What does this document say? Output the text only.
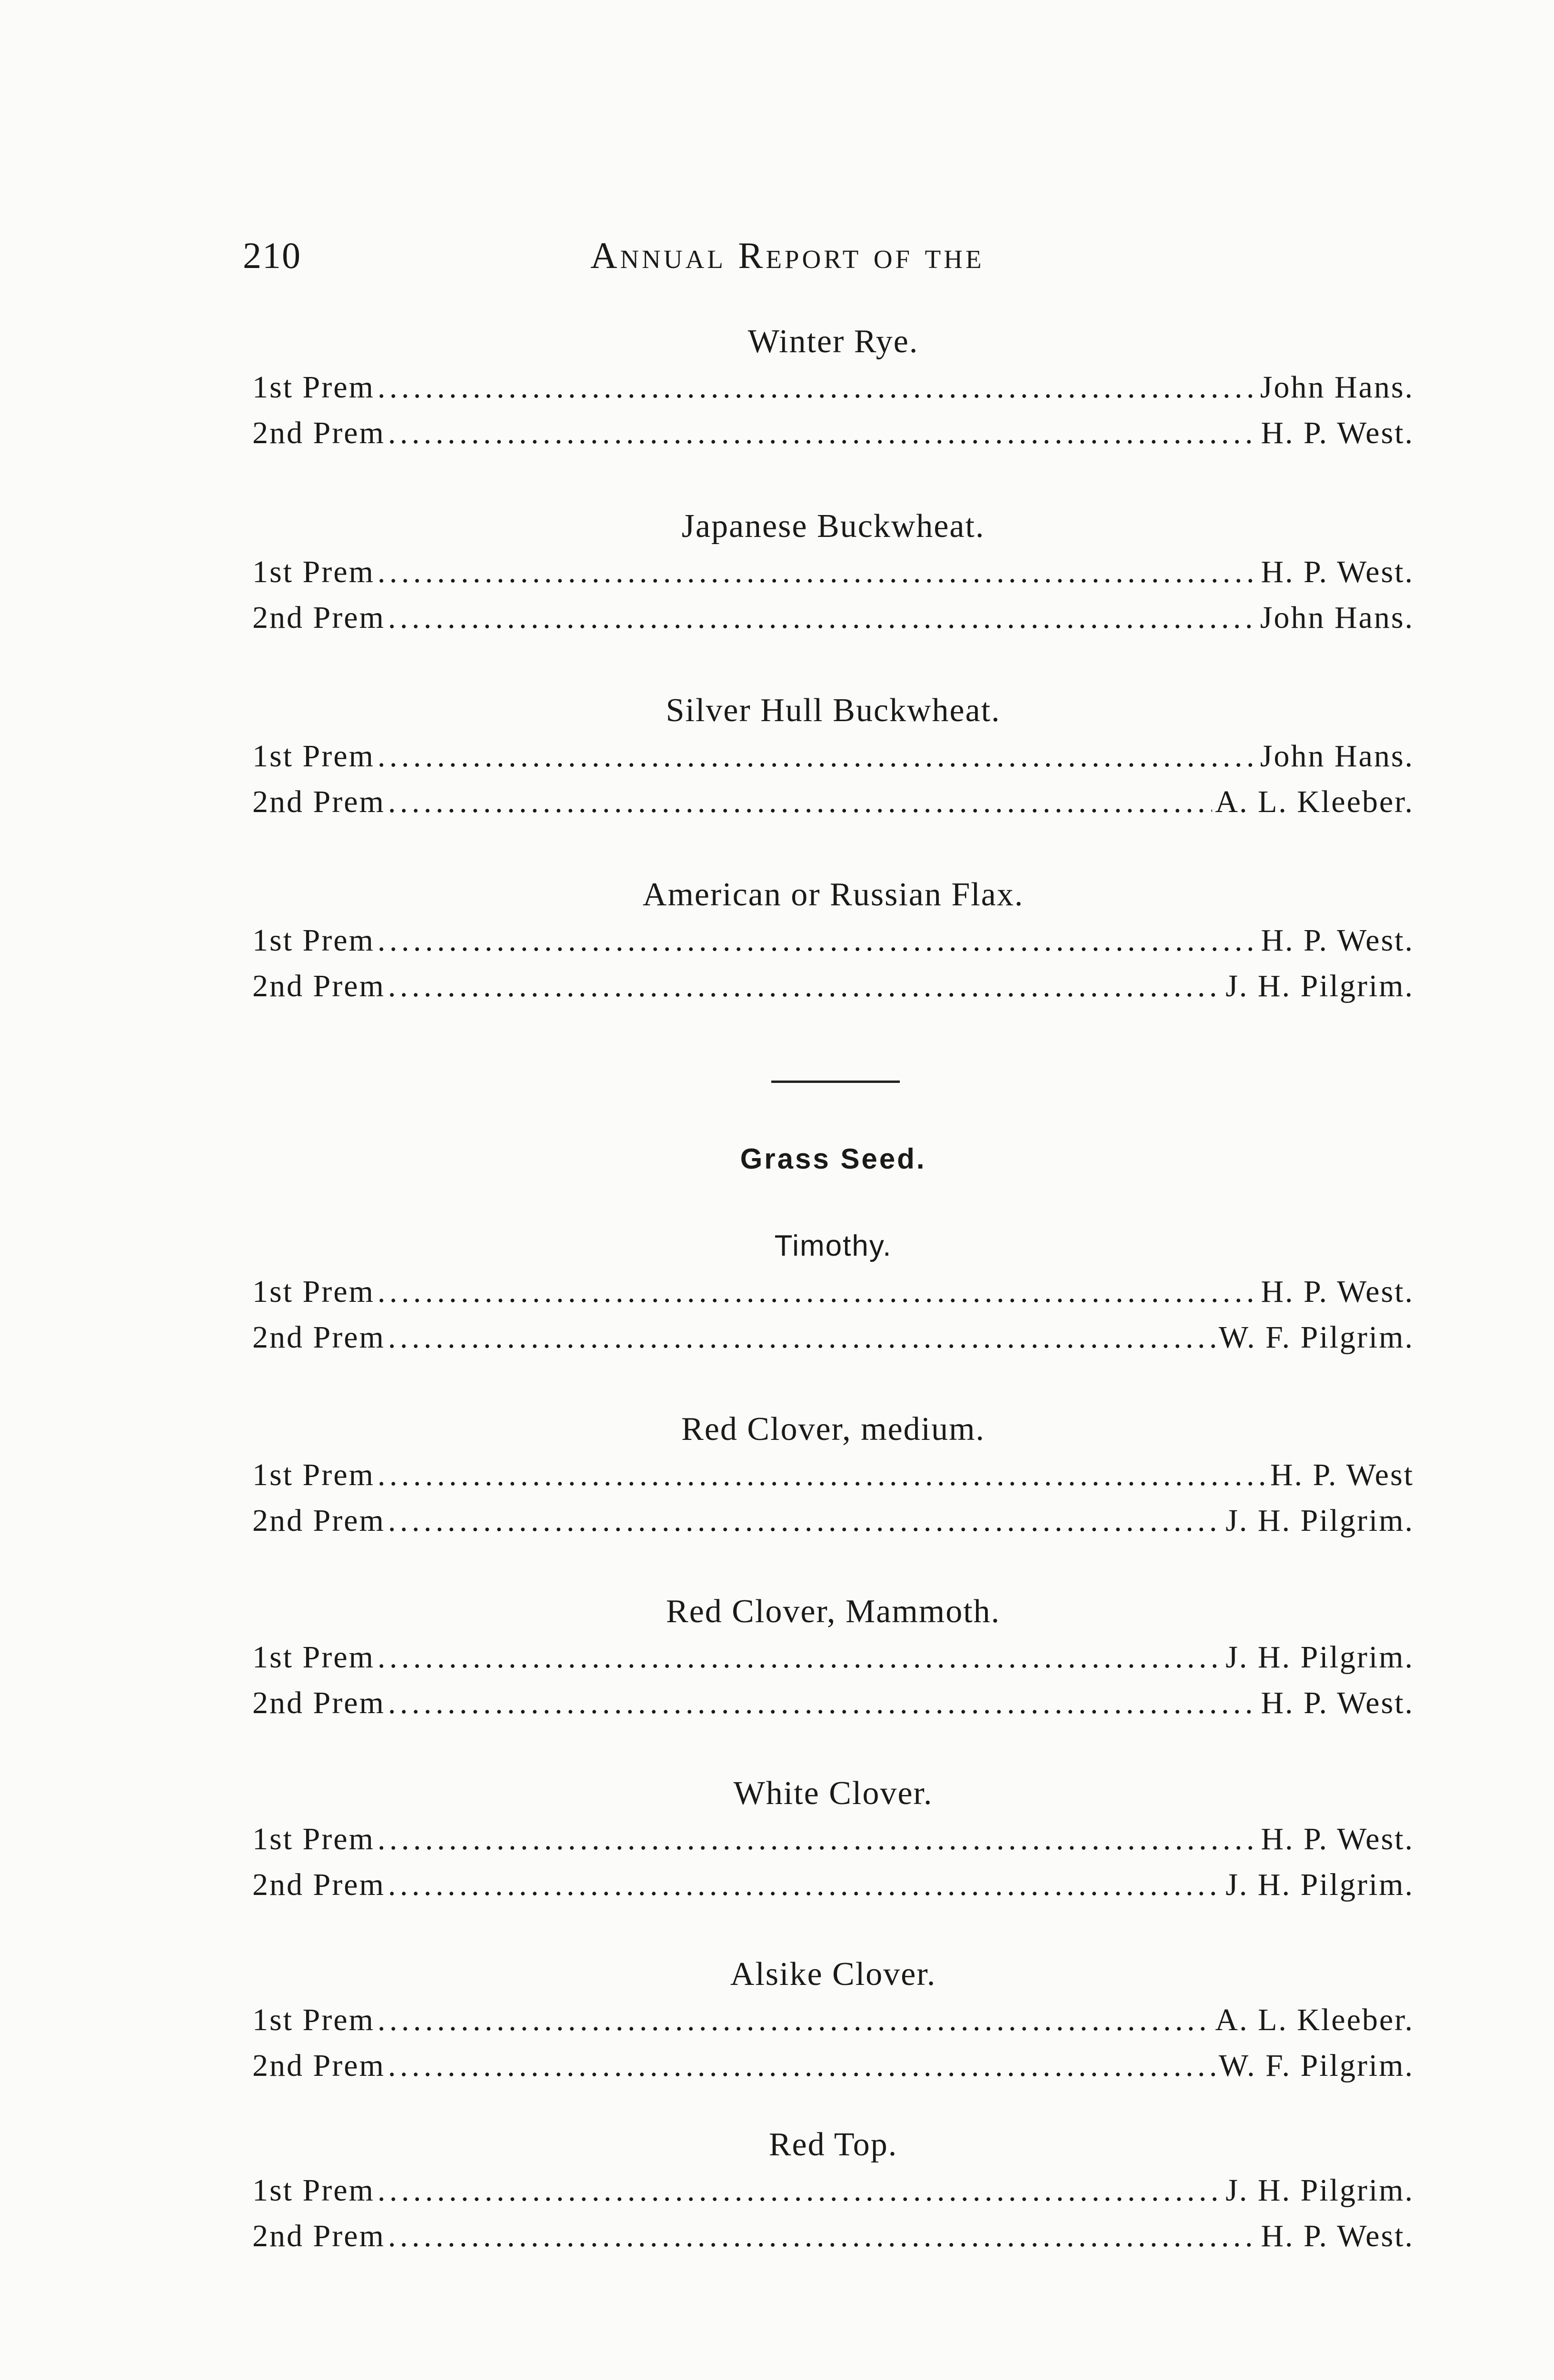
210	Annual Report of the
Winter Rye.
1st Prem . . .	John Hans.
2nd Prem . . .	H. P. West.
Japanese Buckwheat.
1st Prem . . .	H. P. West.
2nd Prem . . .	John Hans.
Silver Hull Buckwheat.
1st Prem . . .	John Hans.
2nd Prem . . .	A. L. Kleeber.
American or Russian Flax.
1st Prem . . .	H. P. West.
2nd Prem . . .	J. H. Pilgrim.
Grass Seed.
Timothy.
1st Prem . . .	H. P. West.
2nd Prem . . .	W. F. Pilgrim.
Red Clover, medium.
1st Prem . . .	H. P. West
2nd Prem . . .	J. H. Pilgrim.
Red Clover, Mammoth.
1st Prem . . .	J. H. Pilgrim.
2nd Prem . . .	H. P. West.
White Clover.
1st Prem . . .	H. P. West.
2nd Prem . . .	J. H. Pilgrim.
Alsike Clover.
1st Prem . . .	A. L. Kleeber.
2nd Prem . . .	W. F. Pilgrim.
Red Top.
1st Prem . . .	J. H. Pilgrim.
2nd Prem . . .	H. P. West.
